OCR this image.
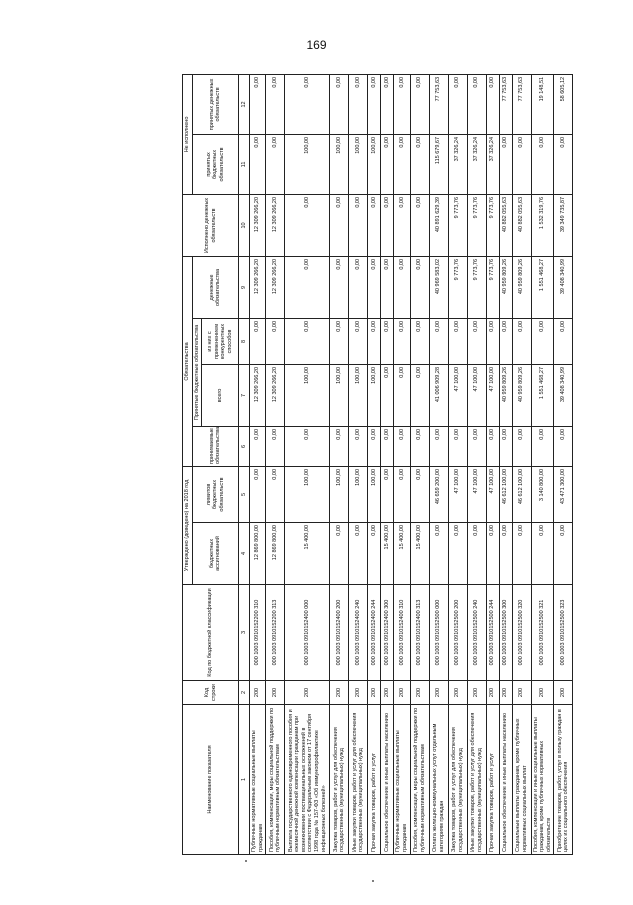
169
Наименование показателя	Код строки	Код по бюджетной классификации	Утверждено (доведено) на 2018 год		Обязательства				Исполнено денежных обязательств	Не исполнено	
			бюджетных ассигнований	лимитов бюджетных обязательств	принимаемые обязательства	Принятые бюджетные обязательства		денежные обязательства		принятых бюджетных обязательств	принятых денежных обязательств
						всего	из них с применением конкурентных способов				
1	2	3	4	5	6	7	8	9	10	11	12
Публичные нормативные социальные выплаты гражданам	200	000 1003 0910152200 310	12 869 800,00	0,00	0,00	12 309 266,20	0,00	12 309 266,20	12 309 266,20	0,00	0,00
Пособия, компенсации, меры социальной поддержки по публичным нормативным обязательствам	200	000 1003 0910152200 313	12 869 800,00	0,00	0,00	12 309 266,20	0,00	12 309 266,20	12 309 266,20	0,00	0,00
Выплата государственного единовременного пособия и ежемесячной денежной компенсации гражданам при возникновении поствакцинальных осложнений в соответствии с Федеральным законом от 17 сентября 1998 года № 157-ФЗ «Об иммунопрофилактике инфекционных болезней»	200	000 1003 0910152400 000	15 400,00	100,00	0,00	100,00	0,00	0,00	0,00	100,00	0,00
Закупка товаров, работ и услуг для обеспечения государственных (муниципальных) нужд	200	000 1003 0910152400 200	0,00	100,00	0,00	100,00	0,00	0,00	0,00	100,00	0,00
Иные закупки товаров, работ и услуг для обеспечения государственных (муниципальных) нужд	200	000 1003 0910152400 240	0,00	100,00	0,00	100,00	0,00	0,00	0,00	100,00	0,00
Прочая закупка товаров, работ и услуг	200	000 1003 0910152400 244	0,00	100,00	0,00	100,00	0,00	0,00	0,00	100,00	0,00
Социальное обеспечение и иные выплаты населению	200	000 1003 0910152400 300	15 400,00	0,00	0,00	0,00	0,00	0,00	0,00	0,00	0,00
Публичные нормативные социальные выплаты гражданам	200	000 1003 0910152400 310	15 400,00	0,00	0,00	0,00	0,00	0,00	0,00	0,00	0,00
Пособия, компенсации, меры социальной поддержки по публичным нормативным обязательствам	200	000 1003 0910152400 313	15 400,00	0,00	0,00	0,00	0,00	0,00	0,00	0,00	0,00
Оплата жилищно-коммунальных услуг отдельным категориям граждан	200	000 1003 0910152500 000	0,00	46 659 200,00	0,00	41 006 909,28	0,00	40 969 583,02	40 891 629,39	115 679,67	77 753,63
Закупка товаров, работ и услуг для обеспечения государственных (муниципальных) нужд	200	000 1003 0910152500 200	0,00	47 100,00	0,00	47 100,00	0,00	9 773,76	9 773,76	37 326,24	0,00
Иные закупки товаров, работ и услуг для обеспечения государственных (муниципальных) нужд	200	000 1003 0910152500 240	0,00	47 100,00	0,00	47 100,00	0,00	9 773,76	9 773,76	37 326,24	0,00
Прочая закупка товаров, работ и услуг	200	000 1003 0910152500 244	0,00	47 100,00	0,00	47 100,00	0,00	9 773,76	9 773,76	37 326,24	0,00
Социальное обеспечение и иные выплаты населению	200	000 1003 0910152500 300	0,00	46 612 100,00	0,00	40 959 809,26	0,00	40 959 809,26	40 882 055,63	0,00	77 753,63
Социальные выплаты гражданам, кроме публичных нормативных социальных выплат	200	000 1003 0910152500 320	0,00	46 612 100,00	0,00	40 959 809,26	0,00	40 959 809,26	40 882 055,63	0,00	77 753,63
Пособия, компенсации и иные социальные выплаты гражданам, кроме публичных нормативных обязательств	200	000 1003 0910152500 321	0,00	3 140 800,00	0,00	1 551 468,27	0,00	1 551 468,27	1 532 319,76	0,00	19 148,51
Приобретение товаров, работ, услуг в пользу граждан в целях их социального обеспечения	200	000 1003 0910152500 323	0,00	43 471 300,00	0,00	39 408 340,99	0,00	39 408 340,99	39 349 735,87	0,00	58 605,12
